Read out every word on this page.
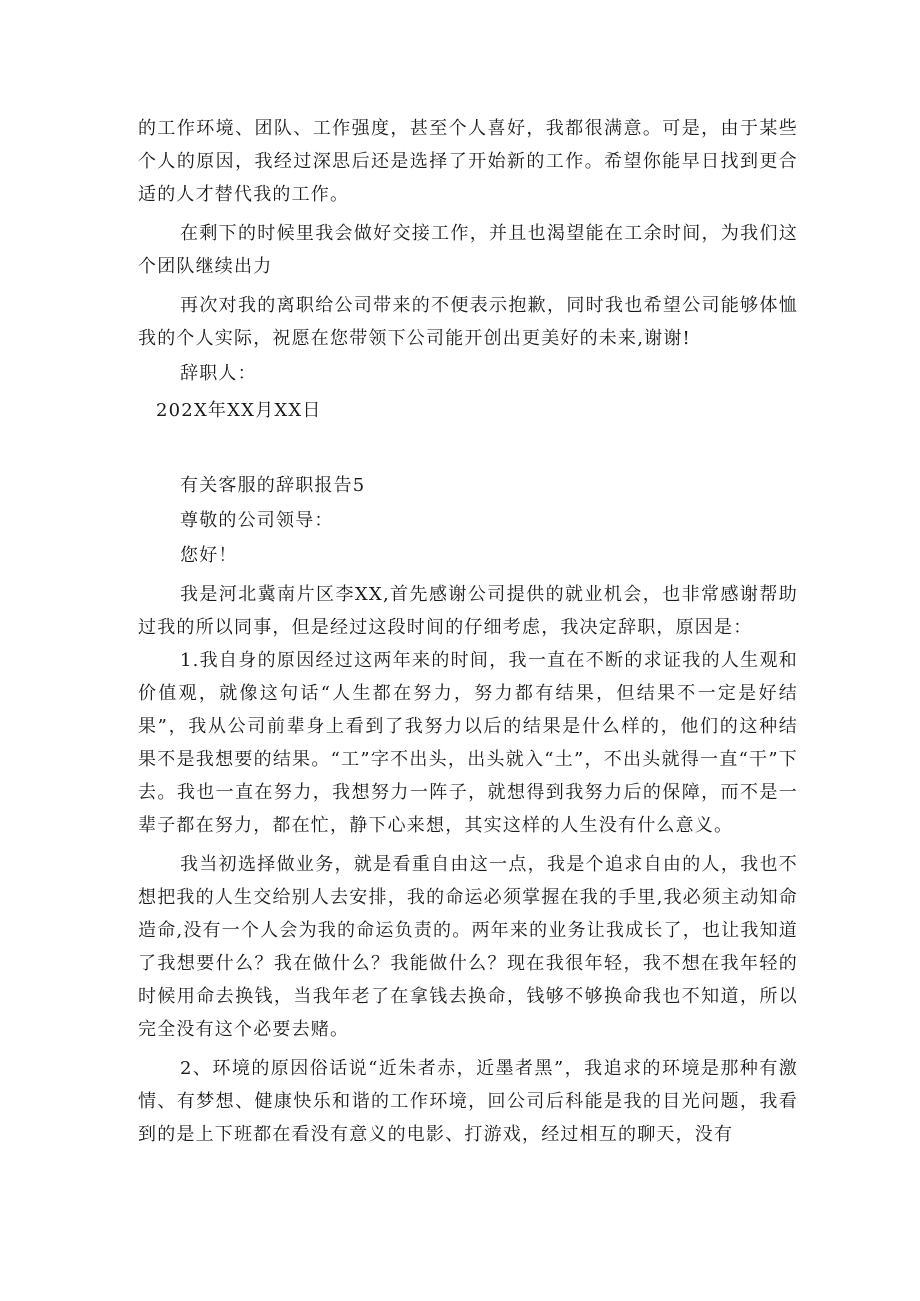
的工作环境、团队、工作强度，甚至个人喜好，我都很满意。可是，由于某些个人的原因，我经过深思后还是选择了开始新的工作。希望你能早日找到更合适的人才替代我的工作。

在剩下的时候里我会做好交接工作，并且也渴望能在工余时间，为我们这个团队继续出力

再次对我的离职给公司带来的不便表示抱歉，同时我也希望公司能够体恤我的个人实际，祝愿在您带领下公司能开创出更美好的未来,谢谢!

辞职人：

202X年XX月XX日

有关客服的辞职报告5

尊敬的公司领导：

您好！

我是河北冀南片区李XX,首先感谢公司提供的就业机会，也非常感谢帮助过我的所以同事，但是经过这段时间的仔细考虑，我决定辞职，原因是：

1.我自身的原因经过这两年来的时间，我一直在不断的求证我的人生观和价值观，就像这句话“人生都在努力，努力都有结果，但结果不一定是好结果”，我从公司前辈身上看到了我努力以后的结果是什么样的，他们的这种结果不是我想要的结果。“工”字不出头，出头就入“土”，不出头就得一直“干”下去。我也一直在努力，我想努力一阵子，就想得到我努力后的保障，而不是一辈子都在努力，都在忙，静下心来想，其实这样的人生没有什么意义。

我当初选择做业务，就是看重自由这一点，我是个追求自由的人，我也不想把我的人生交给别人去安排，我的命运必须掌握在我的手里,我必须主动知命造命,没有一个人会为我的命运负责的。两年来的业务让我成长了，也让我知道了我想要什么？我在做什么？我能做什么？现在我很年轻，我不想在我年轻的时候用命去换钱，当我年老了在拿钱去换命，钱够不够换命我也不知道，所以完全没有这个必要去赌。

2、环境的原因俗话说“近朱者赤，近墨者黑”，我追求的环境是那种有激情、有梦想、健康快乐和谐的工作环境，回公司后科能是我的目光问题，我看到的是上下班都在看没有意义的电影、打游戏，经过相互的聊天，没有
